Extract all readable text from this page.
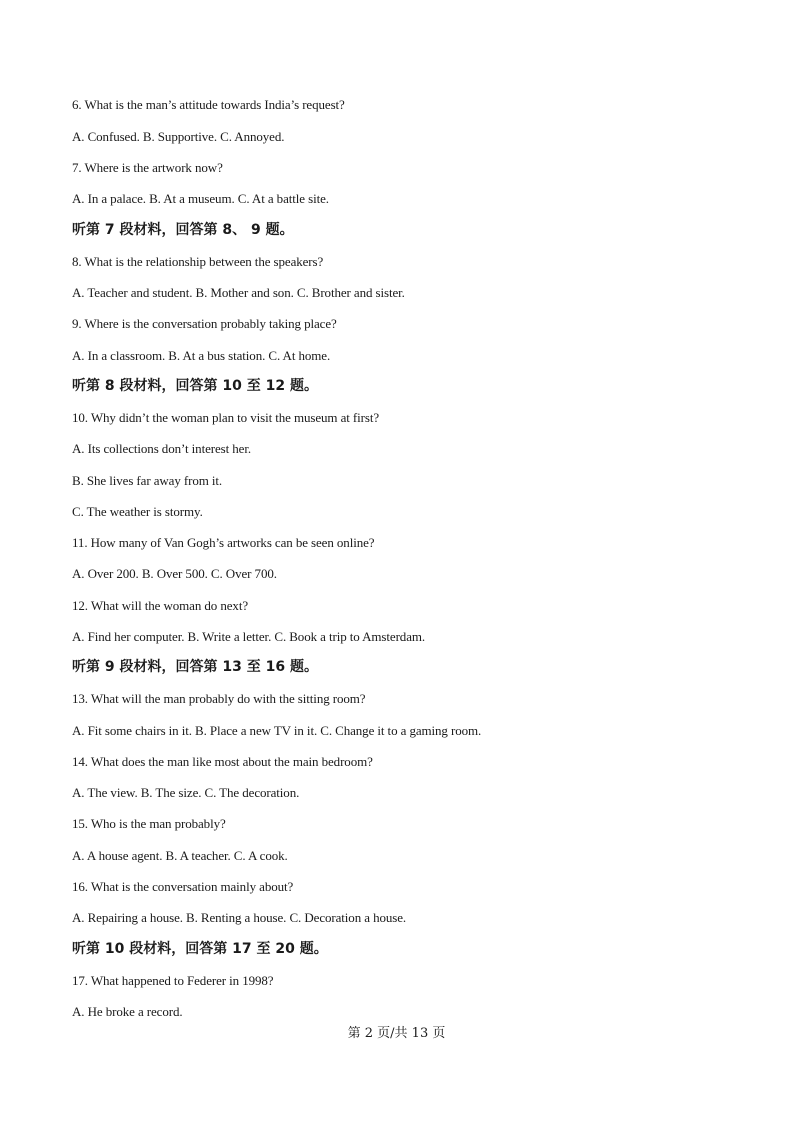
6. What is the man’s attitude towards India’s request?
A. Confused. B. Supportive. C. Annoyed.
7. Where is the artwork now?
A. In a palace. B. At a museum. C. At a battle site.
听第 7 段材料，回答第 8、 9 题。
8. What is the relationship between the speakers?
A. Teacher and student. B. Mother and son. C. Brother and sister.
9. Where is the conversation probably taking place?
A. In a classroom. B. At a bus station. C. At home.
听第 8 段材料，回答第 10 至 12 题。
10. Why didn’t the woman plan to visit the museum at first?
A. Its collections don’t interest her.
B. She lives far away from it.
C. The weather is stormy.
11. How many of Van Gogh’s artworks can be seen online?
A. Over 200. B. Over 500. C. Over 700.
12. What will the woman do next?
A. Find her computer. B. Write a letter. C. Book a trip to Amsterdam.
听第 9 段材料，回答第 13 至 16 题。
13. What will the man probably do with the sitting room?
A. Fit some chairs in it. B. Place a new TV in it. C. Change it to a gaming room.
14. What does the man like most about the main bedroom?
A. The view. B. The size. C. The decoration.
15. Who is the man probably?
A. A house agent. B. A teacher. C. A cook.
16. What is the conversation mainly about?
A. Repairing a house. B. Renting a house. C. Decoration a house.
听第 10 段材料，回答第 17 至 20 题。
17. What happened to Federer in 1998?
A. He broke a record.
第 2 页/共 13 页
